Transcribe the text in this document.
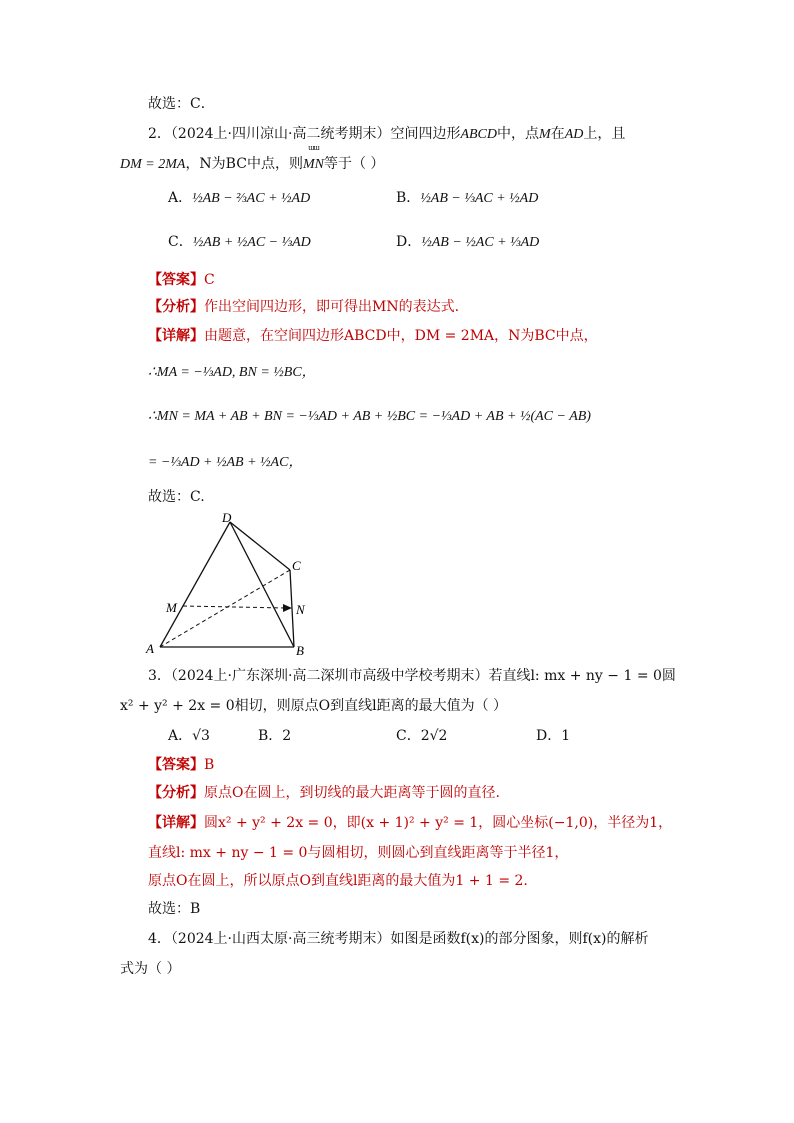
故选：C．
2．（2024上·四川凉山·高二统考期末）空间四边形ABCD中，点M在AD上，且
DM = 2MA，N为BC中点，则ɯɯ MN等于（ ）
A．½AB − ⅔AC + ½AD	B．½AB − ⅓AC + ½AD
C．½AB + ½AC − ⅓AD	D．½AB − ½AC + ⅓AD
【答案】C
【分析】作出空间四边形，即可得出MN的表达式.
【详解】由题意，在空间四边形ABCD中，DM = 2MA，N为BC中点，
∴MA = −⅓AD, BN = ½BC，
∴MN = MA + AB + BN = −⅓AD + AB + ½BC = −⅓AD + AB + ½(AC − AB)
= −⅓AD + ½AB + ½AC，
故选：C.
D
C
M	N
A	B
3．（2024上·广东深圳·高二深圳市高级中学校考期末）若直线l: mx + ny − 1 = 0圆
x² + y² + 2x = 0相切，则原点O到直线l距离的最大值为（ ）
A．√3	B．2	C．2√2	D．1
【答案】B
【分析】原点O在圆上，到切线的最大距离等于圆的直径.
【详解】圆x² + y² + 2x = 0，即(x + 1)² + y² = 1，圆心坐标(−1,0)，半径为1，
直线l: mx + ny − 1 = 0与圆相切，则圆心到直线距离等于半径1，
原点O在圆上，所以原点O到直线l距离的最大值为1 + 1 = 2.
故选：B
4．（2024上·山西太原·高三统考期末）如图是函数f(x)的部分图象，则f(x)的解析
式为（ ）
